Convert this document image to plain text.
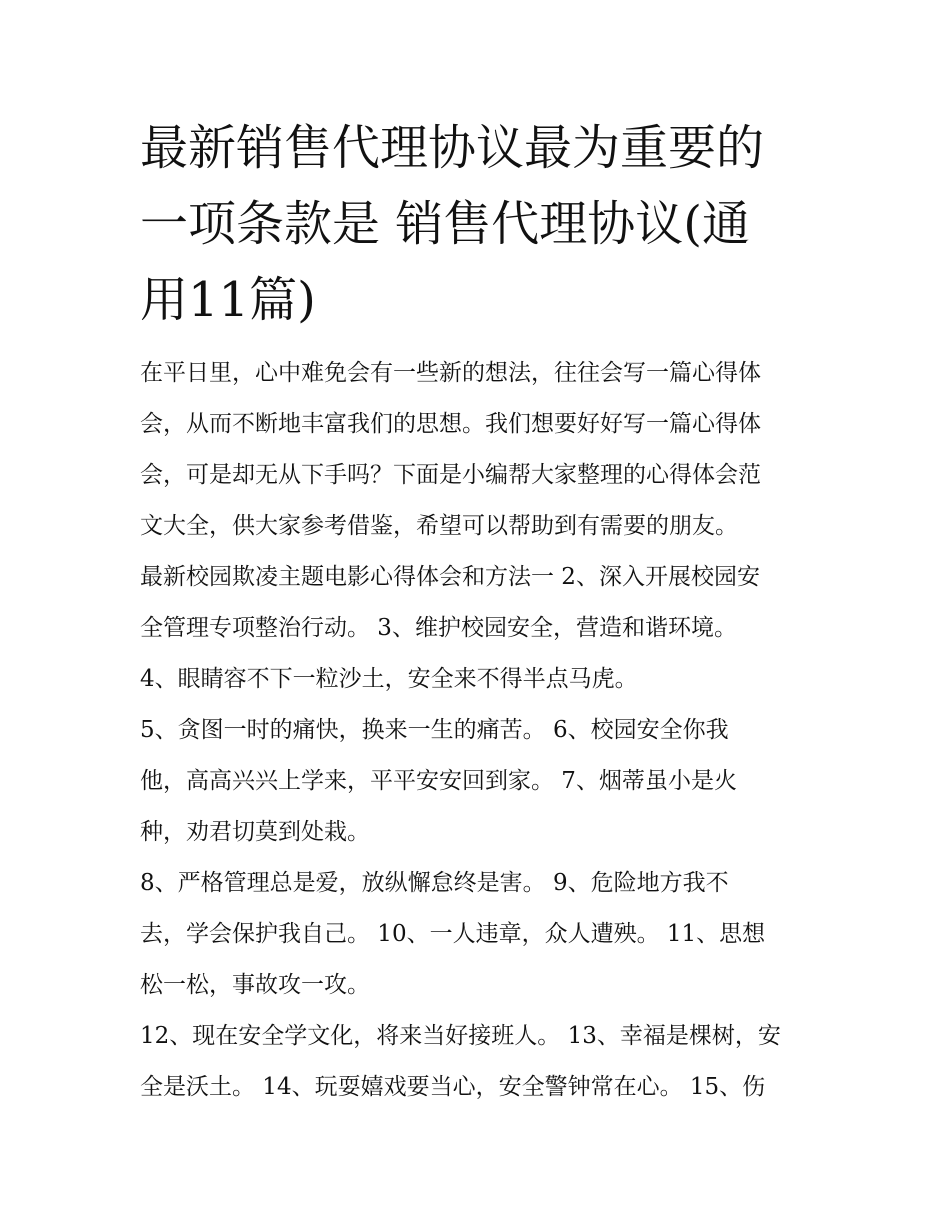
最新销售代理协议最为重要的
一项条款是 销售代理协议(通
用11篇)
在平日里，心中难免会有一些新的想法，往往会写一篇心得体
会，从而不断地丰富我们的思想。我们想要好好写一篇心得体
会，可是却无从下手吗？下面是小编帮大家整理的心得体会范
文大全，供大家参考借鉴，希望可以帮助到有需要的朋友。
最新校园欺凌主题电影心得体会和方法一 2、深入开展校园安
全管理专项整治行动。 3、维护校园安全，营造和谐环境。
4、眼睛容不下一粒沙土，安全来不得半点马虎。
5、贪图一时的痛快，换来一生的痛苦。 6、校园安全你我
他，高高兴兴上学来，平平安安回到家。 7、烟蒂虽小是火
种，劝君切莫到处栽。
8、严格管理总是爱，放纵懈怠终是害。 9、危险地方我不
去，学会保护我自己。 10、一人违章，众人遭殃。 11、思想
松一松，事故攻一攻。
12、现在安全学文化，将来当好接班人。 13、幸福是棵树，安
全是沃土。 14、玩耍嬉戏要当心，安全警钟常在心。 15、伤
